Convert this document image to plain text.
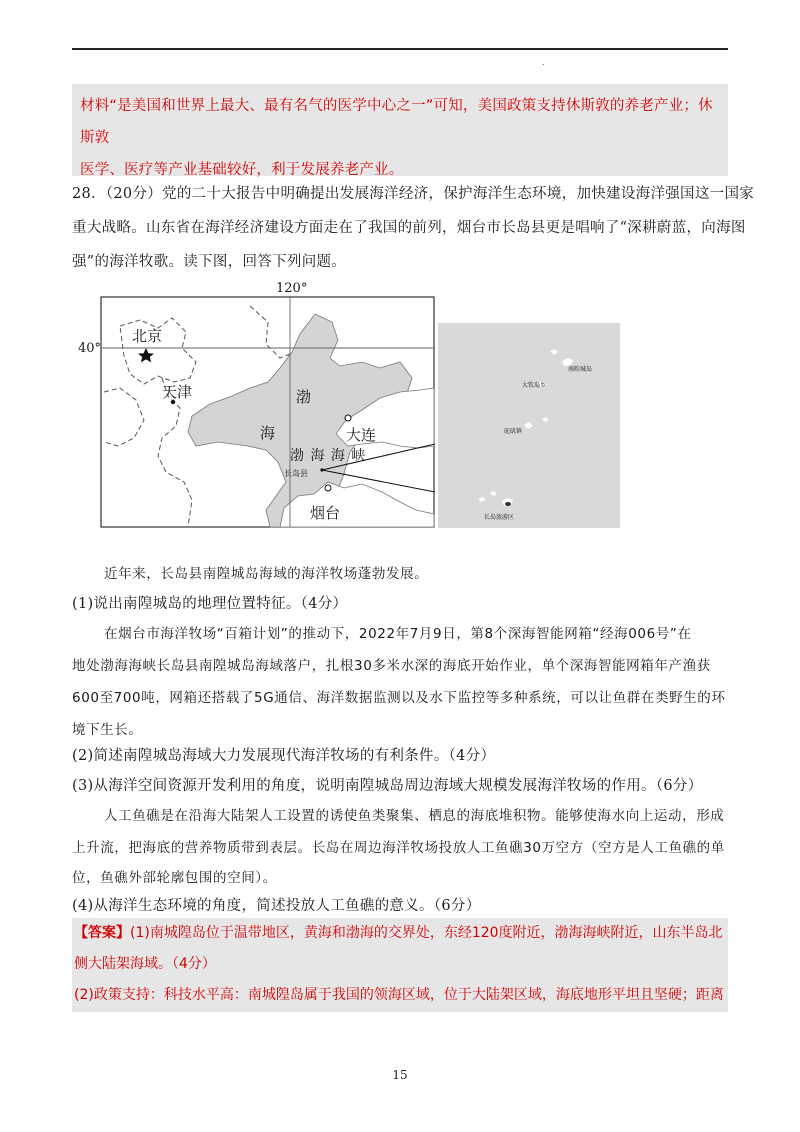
.

材料“是美国和世界上最大、最有名气的医学中心之一”可知，美国政策支持休斯敦的养老产业；休斯敦

医学、医疗等产业基础较好，利于发展养老产业。

28．（20分）党的二十大报告中明确提出发展海洋经济，保护海洋生态环境，加快建设海洋强国这一国家

重大战略。山东省在海洋经济建设方面走在了我国的前列，烟台市长岛县更是唱响了“深耕蔚蓝，向海图

强”的海洋牧歌。读下图，回答下列问题。

北京
天津	渤
海	大连
渤 海 海 峡
长岛县
烟台
120°
40°
南隍城岛
大钦岛乡
砣矶镇
长岛旅游区

近年来，长岛县南隍城岛海域的海洋牧场蓬勃发展。

(1)说出南隍城岛的地理位置特征。（4分）

在烟台市海洋牧场“百箱计划”的推动下，2022年7月9日，第8个深海智能网箱“经海006号”在

地处渤海海峡长岛县南隍城岛海域落户，扎根30多米水深的海底开始作业，单个深海智能网箱年产渔获

600至700吨，网箱还搭载了5G通信、海洋数据监测以及水下监控等多种系统，可以让鱼群在类野生的环

境下生长。

(2)简述南隍城岛海域大力发展现代海洋牧场的有利条件。（4分）

(3)从海洋空间资源开发利用的角度，说明南隍城岛周边海域大规模发展海洋牧场的作用。（6分）

人工鱼礁是在沿海大陆架人工设置的诱使鱼类聚集、栖息的海底堆积物。能够使海水向上运动，形成

上升流，把海底的营养物质带到表层。长岛在周边海洋牧场投放人工鱼礁30万空方（空方是人工鱼礁的单

位，鱼礁外部轮廓包围的空间）。

(4)从海洋生态环境的角度，简述投放人工鱼礁的意义。（6分）

【答案】(1)南城隍岛位于温带地区，黄海和渤海的交界处，东经120度附近，渤海海峡附近，山东半岛北

侧大陆架海域。（4分）

(2)政策支持：科技水平高：南城隍岛属于我国的领海区域，位于大陆架区域，海底地形平坦且坚硬；距离

15
